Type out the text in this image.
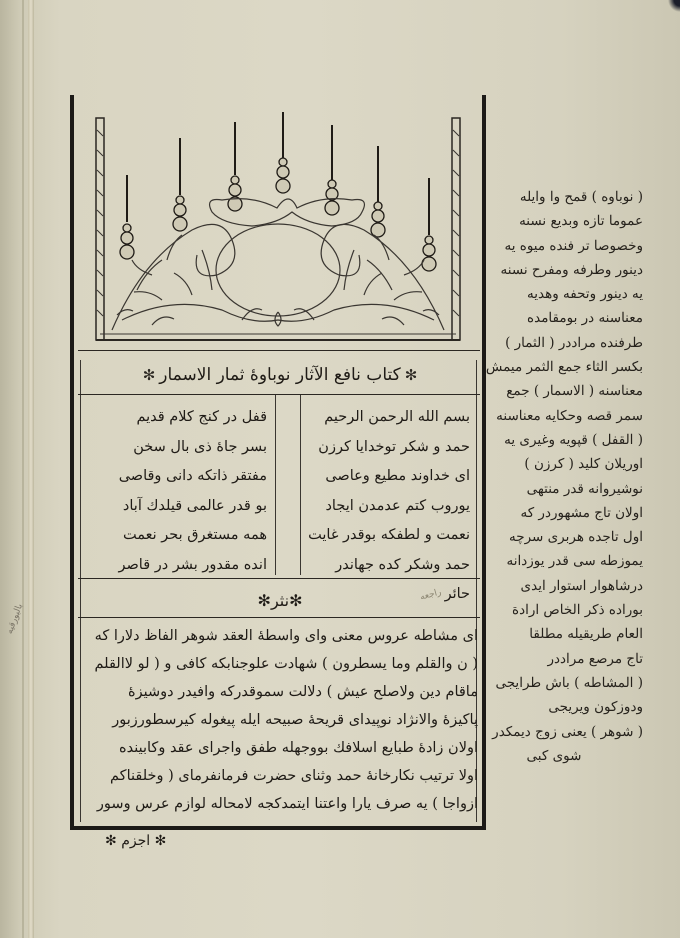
بالیورقیه
✻
کتاب نافع الآثار نوباوهٔ ثمار الاسمار
✻
بسم الله الرحمن الرحیم
حمد و شکر توخدایا کرزن
ای خداوند مطیع وعاصی
یوروب کتم عدمدن ایجاد
نعمت و لطفکه بوقدر غایت
حمد وشکر کده جهاندر حائر
قفل در کنج کلام قدیم
بسر جاهٔ ذی بال سخن
مفتقر ذاتکه دانی وقاصی
بو قدر عالمی قیلدك آباد
همه مستغرق بحر نعمت
انده مقدور بشر در قاصر
✻
نثر
✻	راجعه
ای مشاطه عروس معنی وای واسطهٔ العقد شوهر الفاظ دلارا که
( ن والقلم وما یسطرون ) شهادت علوجنابکه کافی و ( لو لاالقلم
ماقام دین ولاصلح عیش ) دلالت سموقدرکه وافیدر دوشیزهٔ
پاکیزهٔ والانژاد نوپیدای قریحهٔ صبیحه ایله پیغوله کیرسطورزبور
اولان زادهٔ طبایع اسلافك بووجهله طفق واجرای عقد وکابینده
اولا ترتیب نکارخانهٔ حمد وثنای حضرت فرمانفرمای ( وخلقناکم
ازواجا ) یه صرف یارا واعتنا ایتمدکجه لامحاله لوازم عرس وسور
✻ اجزم ✻
( نوباوه ) قمح وا وایله
عموما تازه وبدیع نسنه
وخصوصا تر فنده میوه یه
دینور وطرفه ومفرح نسنه
یه دینور وتحفه وهدیه
معناسنه در بومقامده
طرفنده مراددر ( الثمار )
بکسر الثاء جمع الثمر میمش
معناسنه ( الاسمار ) جمع
سمر قصه وحکایه معناسنه
( القفل ) قپویه وغیری یه
اوریلان کلید ( کرزن )
نوشیروانه قدر منتهی
اولان تاج مشهوردر که
اول تاجده هربری سرچه
یموزطه سی قدر یوزدانه
درشاهوار استوار ایدی
بوراده ذکر الخاص ارادة
العام طریقیله مطلقا
تاج مرصع مراددر
( المشاطه ) باش طرایجی
ودوزکون ویریجی
( شوهر ) یعنی زوج دیمکدر
شوی کبی
